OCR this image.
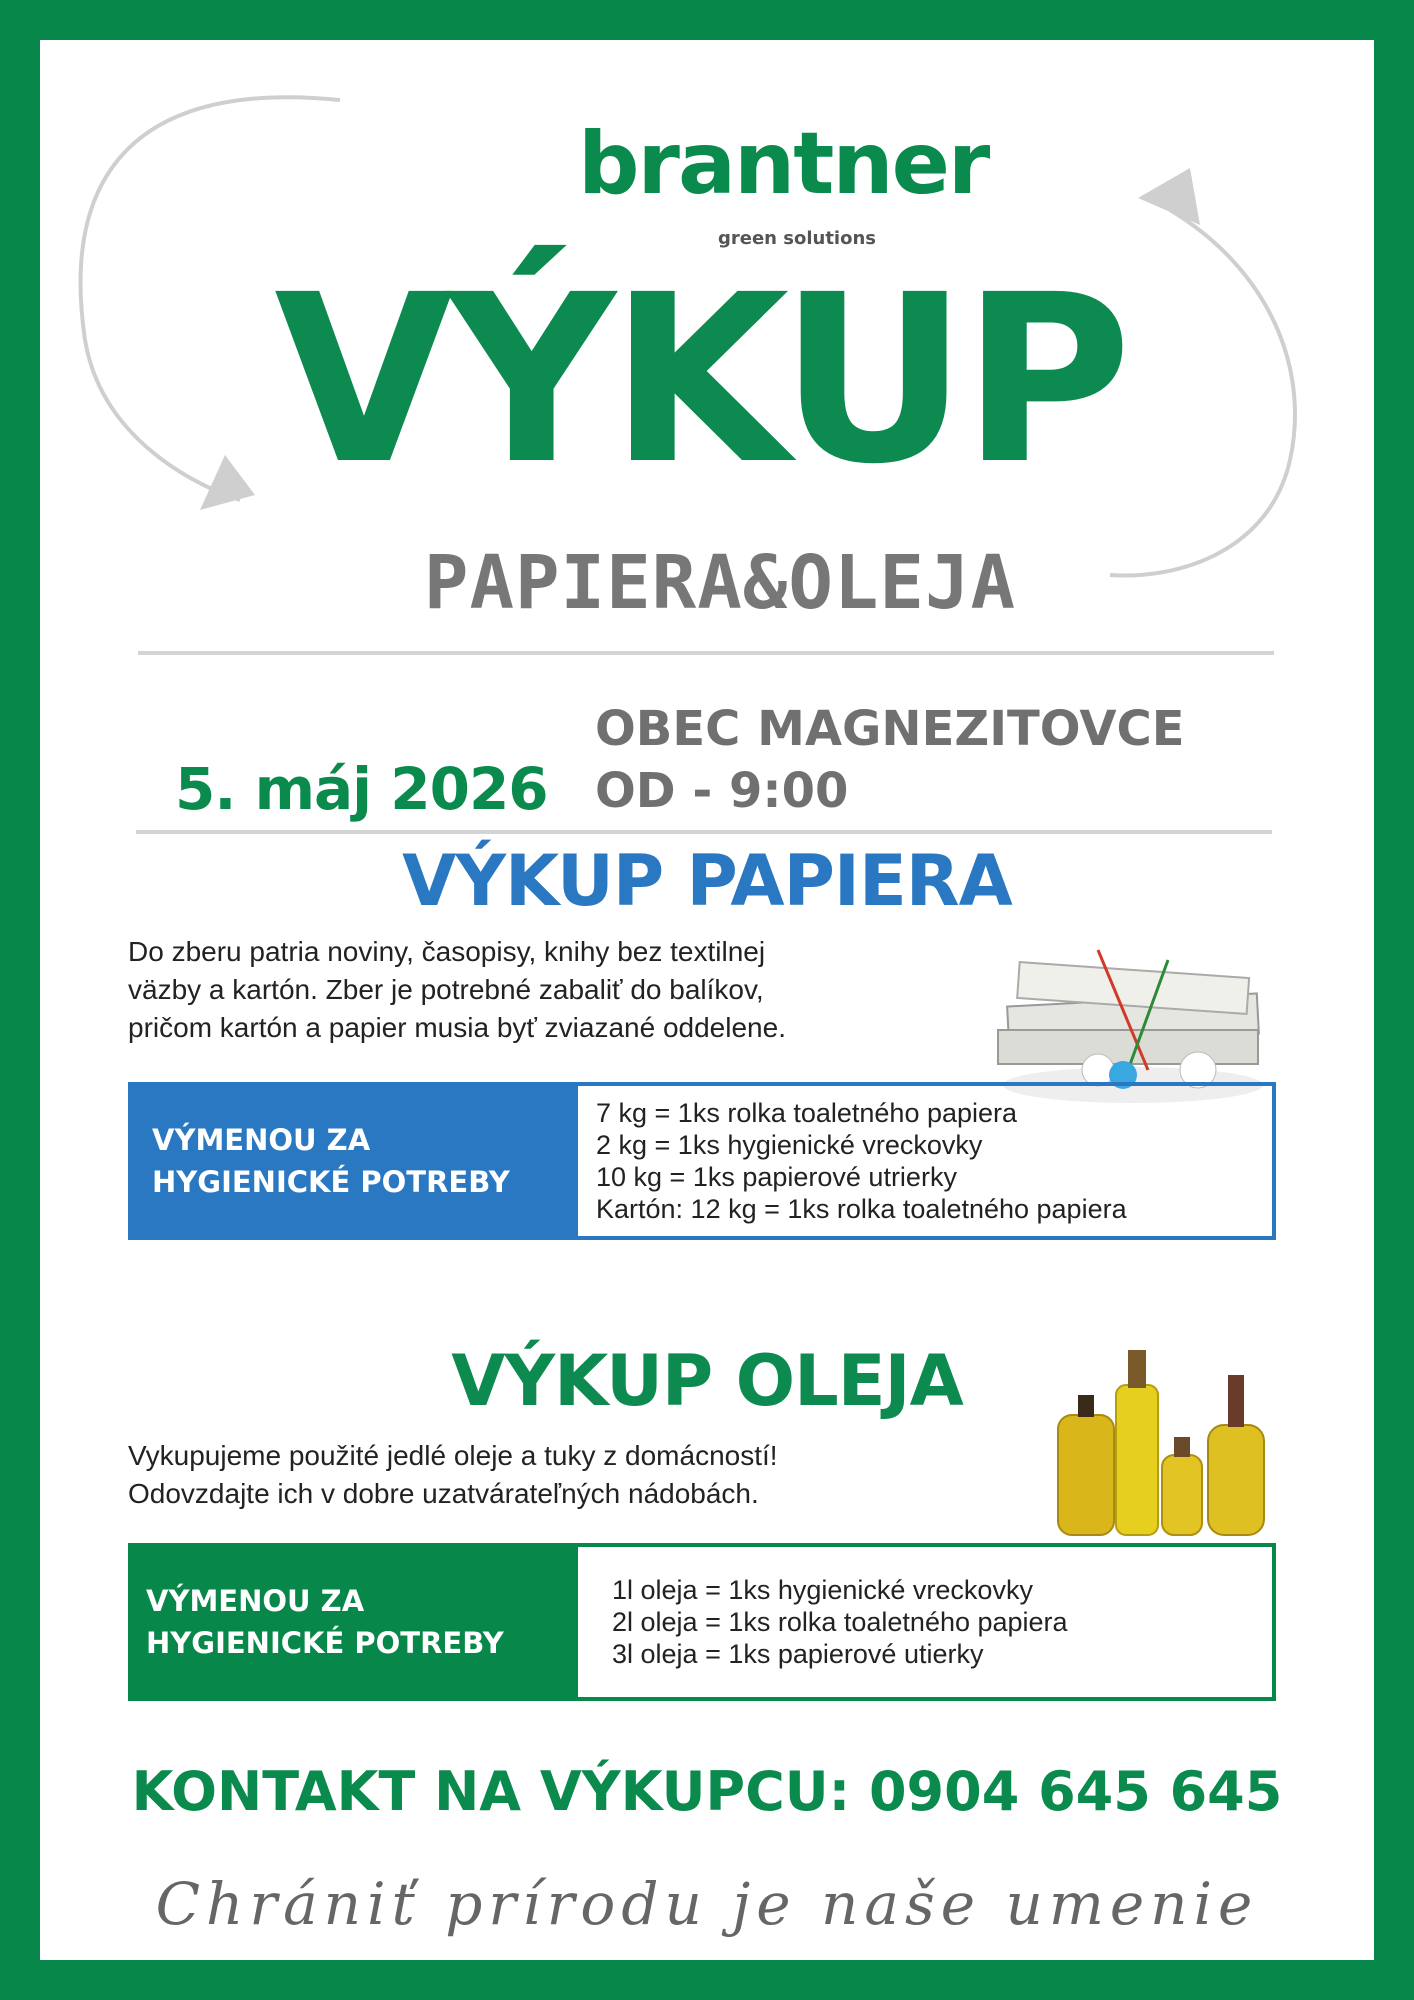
brantner
green solutions
VÝKUP
PAPIERA&OLEJA
5. máj 2026
OBEC MAGNEZITOVCE
OD - 9:00
VÝKUP PAPIERA
Do zberu patria noviny, časopisy, knihy bez textilnej
väzby a kartón. Zber je potrebné zabaliť do balíkov,
pričom kartón a papier musia byť zviazané oddelene.
VÝMENOU ZA
HYGIENICKÉ POTREBY
7 kg = 1ks rolka toaletného papiera
2 kg = 1ks hygienické vreckovky
10 kg = 1ks papierové utrierky
Kartón: 12 kg = 1ks rolka toaletného papiera
VÝKUP OLEJA
Vykupujeme použité jedlé oleje a tuky z domácností!
Odovzdajte ich v dobre uzatvárateľných nádobách.
VÝMENOU ZA
HYGIENICKÉ POTREBY
1l oleja = 1ks hygienické vreckovky
2l oleja = 1ks rolka toaletného papiera
3l oleja = 1ks papierové utierky
KONTAKT NA VÝKUPCU: 0904 645 645
Chrániť prírodu je naše umenie
